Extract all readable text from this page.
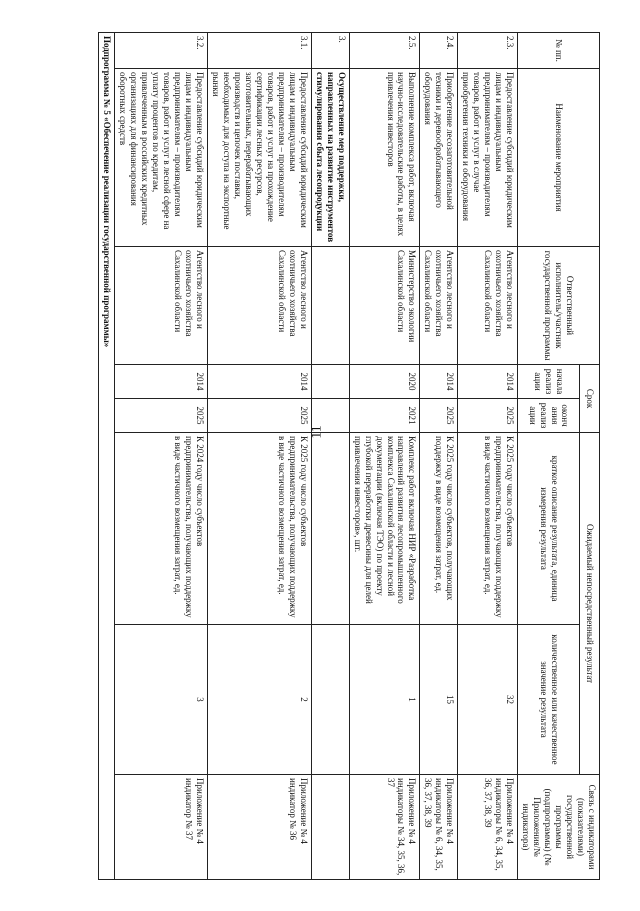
11
№ пп.	Наименование мероприятия	Ответственный исполнитель/участник государственной программы	Срок		Ожидаемый непосредственный результат		Связь с индикаторами (показателями) государственной программы (подпрограммы) (№ Приложения/№ индикатора)
			начала реализации	оконч ания реализ ации	краткое описание результата, единица измерения результата	количественное или качественное значение результата	
2.3.	Предоставление субсидий юридическим лицам и индивидуальным предпринимателям – производителям товаров, работ и услуг в случае приобретения техники и оборудования	Агентство лесного и охотничьего хозяйства Сахалинской области	2014	2025	К 2025 году число субъектов предпринимательства, получающих поддержку в виде частичного возмещения затрат, ед.	32	Приложение № 4 индикаторы № 6, 34, 35, 36, 37, 38, 39
2.4.	Приобретение лесозаготовительной техники и деревообрабатывающего оборудования	Агентство лесного и охотничьего хозяйства Сахалинской области	2014	2025	К 2025 году число субъектов, получающих поддержку в виде возмещения затрат, ед.	15	Приложение № 4 индикаторы № 6, 34, 35, 36, 37, 38, 39
2.5.	Выполнение комплекса работ, включая научно-исследовательские работы, в целях привлечения инвесторов	Министерство экологии Сахалинской области	2020	2021	Комплекс работ включая НИР «Разработка направлений развития лесопромышленного комплекса Сахалинской области и лесной документации (включая ТЭО) по проекту глубокой переработки древесины для целей привлечения инвесторов», шт.	1	Приложение № 4 индикаторы № 34, 35, 36, 37
3.	Осуществление мер поддержки, направленных на развитие инструментов стимулирования сбыта лесопродукции						
3.1.	Предоставление субсидий юридическим лицам и индивидуальным предпринимателям – производителям товаров, работ и услуг на прохождение сертификации лесных ресурсов, заготовительных, перерабатывающих производств и цепочек поставки, необходимых для доступа на экспортные рынки	Агентство лесного и охотничьего хозяйства Сахалинской области	2014	2025	К 2025 году число субъектов предпринимательства, получающих поддержку в виде частичного возмещения затрат, ед.	2	Приложение № 4 индикатор № 36
3.2.	Предоставление субсидий юридическим лицам и индивидуальным предпринимателям – производителям товаров, работ и услуг в лесной сфере на уплату процентов по кредитам, привлеченным в российских кредитных организациях для финансирования оборотных средств	Агентство лесного и охотничьего хозяйства Сахалинской области	2014	2025	К 2024 году число субъектов предпринимательства, получающих поддержку в виде частичного возмещения затрат, ед.	3	Приложение № 4 индикатор № 37
Подпрограмма № 5 «Обеспечение реализации государственной программы»							
